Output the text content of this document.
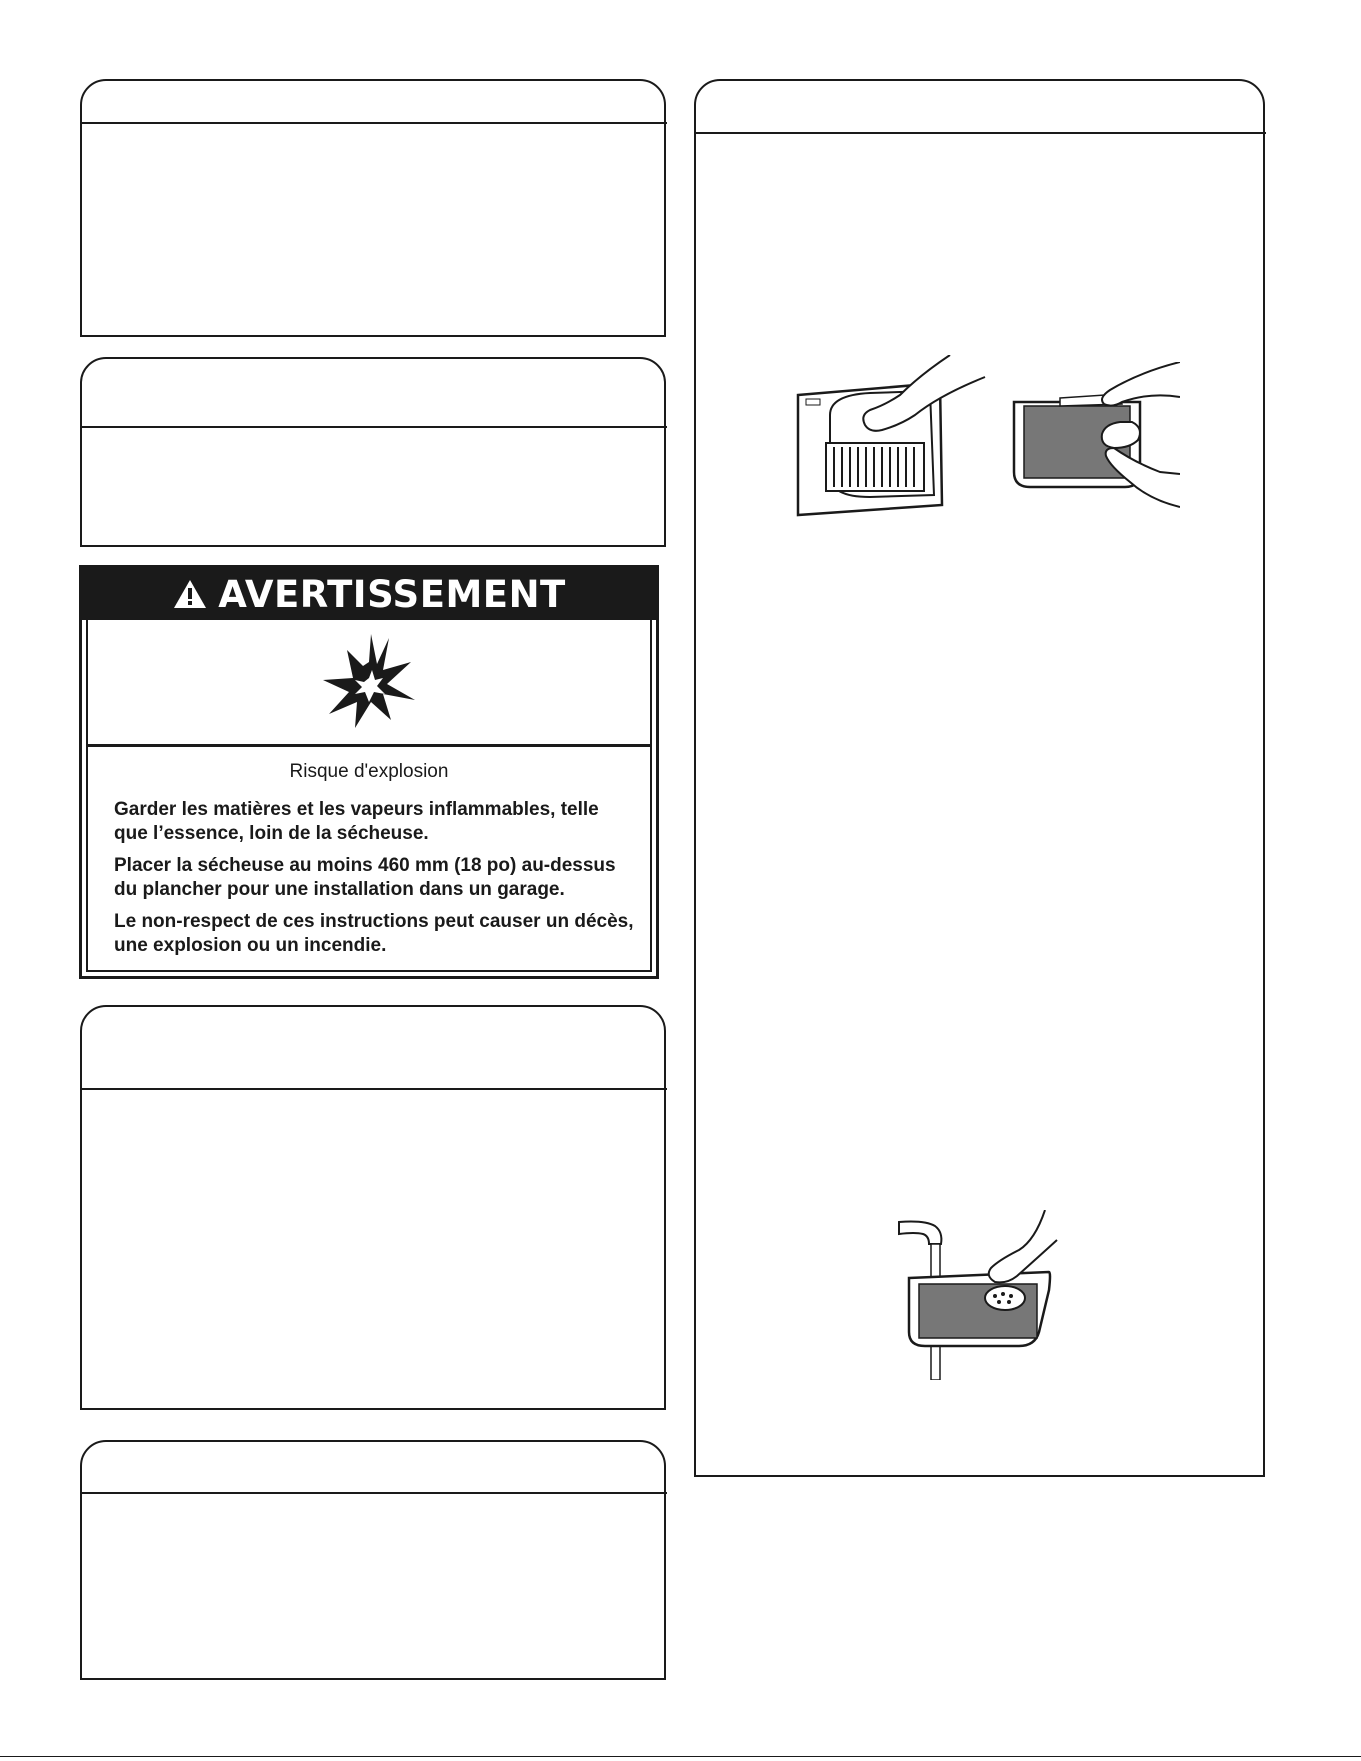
AVERTISSEMENT
Risque d'explosion
Garder les matières et les vapeurs inflammables, telle que l’essence, loin de la sécheuse.
Placer la sécheuse au moins 460 mm (18 po) au-dessus du plancher pour une installation dans un garage.
Le non-respect de ces instructions peut causer un décès, une explosion ou un incendie.
